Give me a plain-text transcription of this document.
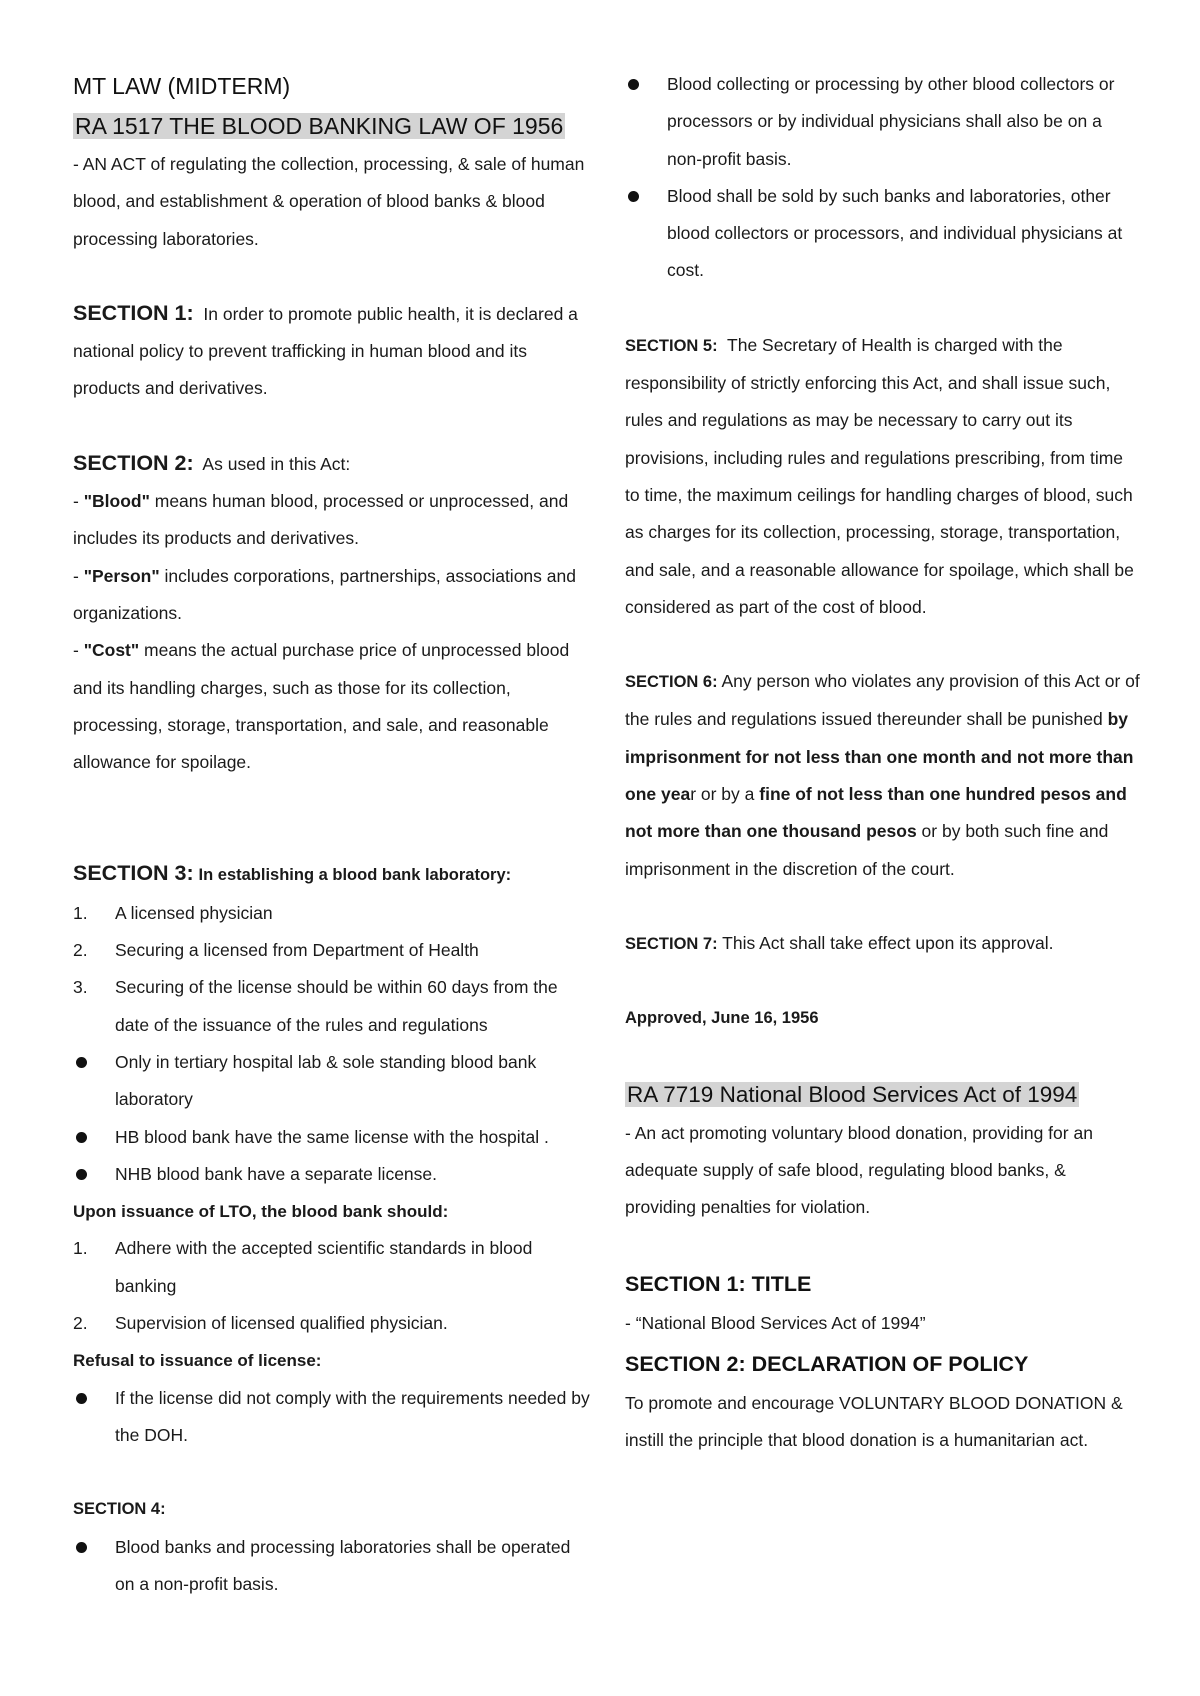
MT LAW (MIDTERM)

RA 1517 THE BLOOD BANKING LAW OF 1956

- AN ACT of regulating the collection, processing, & sale of human blood, and establishment & operation of blood banks & blood processing laboratories.

SECTION 1: In order to promote public health, it is declared a national policy to prevent trafficking in human blood and its products and derivatives.

SECTION 2: As used in this Act:

- "Blood" means human blood, processed or unprocessed, and includes its products and derivatives.

- "Person" includes corporations, partnerships, associations and organizations.

- "Cost" means the actual purchase price of unprocessed blood and its handling charges, such as those for its collection, processing, storage, transportation, and sale, and reasonable allowance for spoilage.

SECTION 3: In establishing a blood bank laboratory:

1.	A licensed physician
2.	Securing a licensed from Department of Health
3.	Securing of the license should be within 60 days from the date of the issuance of the rules and regulations
Only in tertiary hospital lab & sole standing blood bank laboratory
HB blood bank have the same license with the hospital .
NHB blood bank have a separate license.

Upon issuance of LTO, the blood bank should:

1.	Adhere with the accepted scientific standards in blood banking
2.	Supervision of licensed qualified physician.

Refusal to issuance of license:

If the license did not comply with the requirements needed by the DOH.

SECTION 4:

Blood banks and processing laboratories shall be operated on a non-profit basis.
Blood collecting or processing by other blood collectors or processors or by individual physicians shall also be on a non-profit basis.
Blood shall be sold by such banks and laboratories, other blood collectors or processors, and individual physicians at cost.

SECTION 5: The Secretary of Health is charged with the responsibility of strictly enforcing this Act, and shall issue such, rules and regulations as may be necessary to carry out its provisions, including rules and regulations prescribing, from time to time, the maximum ceilings for handling charges of blood, such as charges for its collection, processing, storage, transportation, and sale, and a reasonable allowance for spoilage, which shall be considered as part of the cost of blood.

SECTION 6: Any person who violates any provision of this Act or of the rules and regulations issued thereunder shall be punished by imprisonment for not less than one month and not more than one year or by a fine of not less than one hundred pesos and not more than one thousand pesos or by both such fine and imprisonment in the discretion of the court.

SECTION 7: This Act shall take effect upon its approval.

Approved, June 16, 1956

RA 7719 National Blood Services Act of 1994

- An act promoting voluntary blood donation, providing for an adequate supply of safe blood, regulating blood banks, & providing penalties for violation.

SECTION 1: TITLE

- “National Blood Services Act of 1994”

SECTION 2: DECLARATION OF POLICY

To promote and encourage VOLUNTARY BLOOD DONATION & instill the principle that blood donation is a humanitarian act.
